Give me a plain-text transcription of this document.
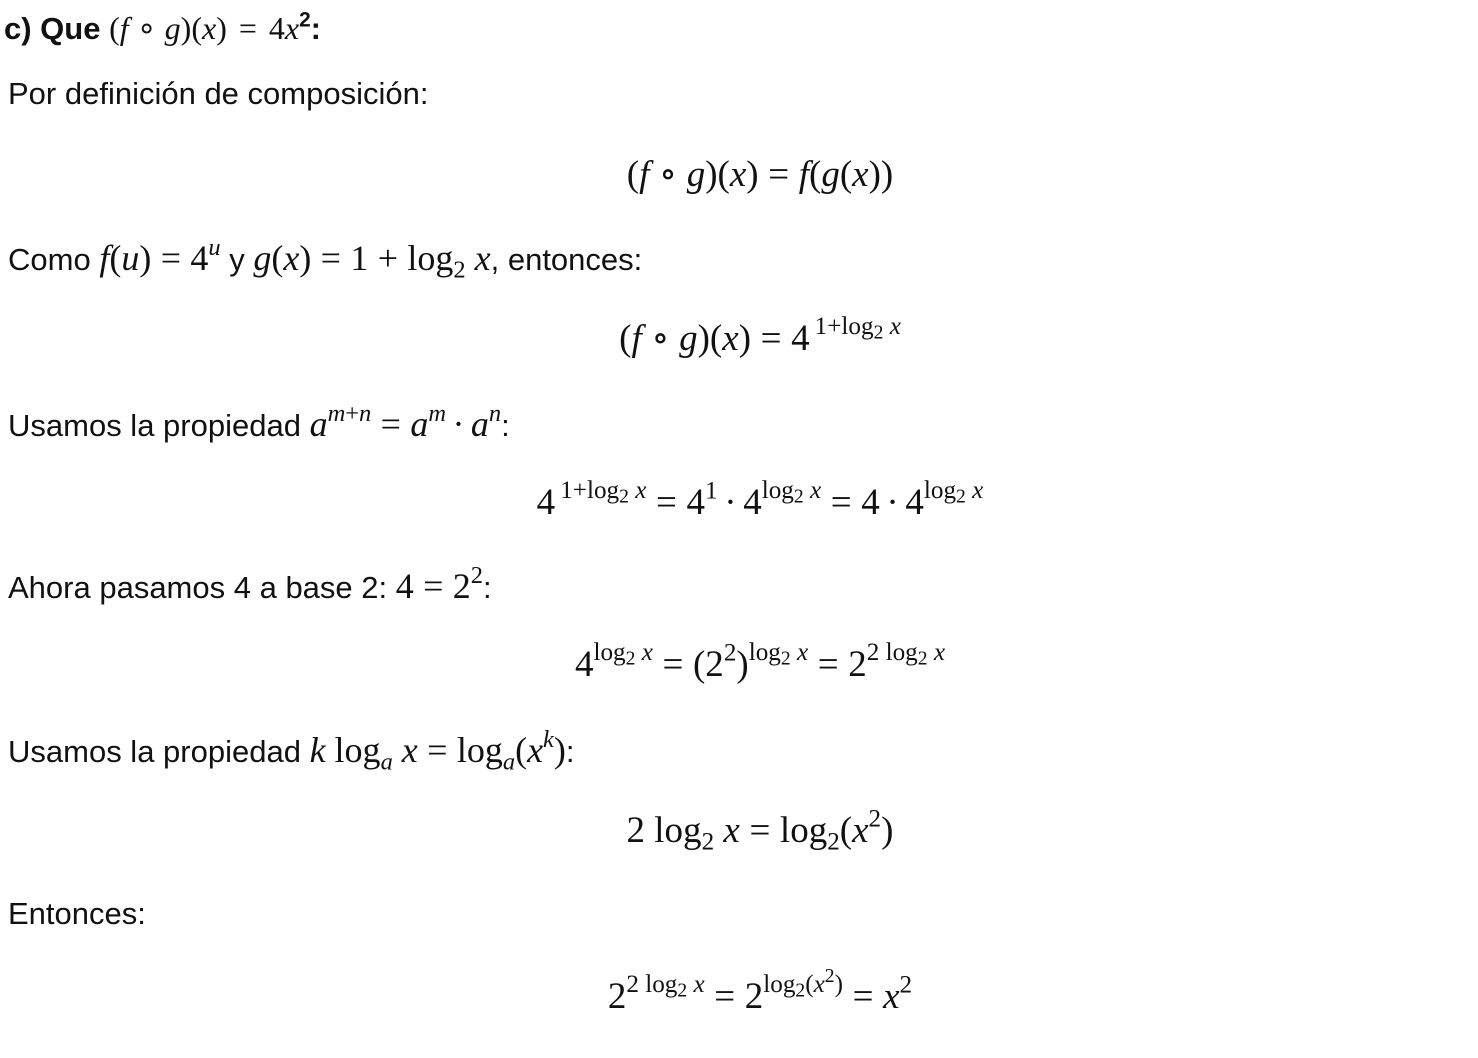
c) Que (f ∘ $g)(x) = 4x^2$:
Por definición de composición:
(f ∘ g)(x) = f(g(x))
Como $f(u) = 4^u$ y $g(x) = 1 + \log_2 x$, entonces:
(f ∘ g)(x) = 4 $^{1+log_2 x}$
Usamos la propiedad $a^{m+n} = a^m \cdot a^n$:
4 $^{1+log_2 x} = 4^1 \cdot 4^{log_2 x} = 4 \cdot 4^{log_2 x}$
Ahora pasamos 4 a base 2: $4 = 2^2$:
$4^{log_2 x} = (2^2)^{log_2 x} = 2^{2 log_2 x}$
Usamos la propiedad k $\log_a x = \log_a(x^k)$:
2 $\log_2 x = \log_2(x^2)$
Entonces:
$2^{2 log_2 x} = 2^{log_2(x^2)} = x^2$
